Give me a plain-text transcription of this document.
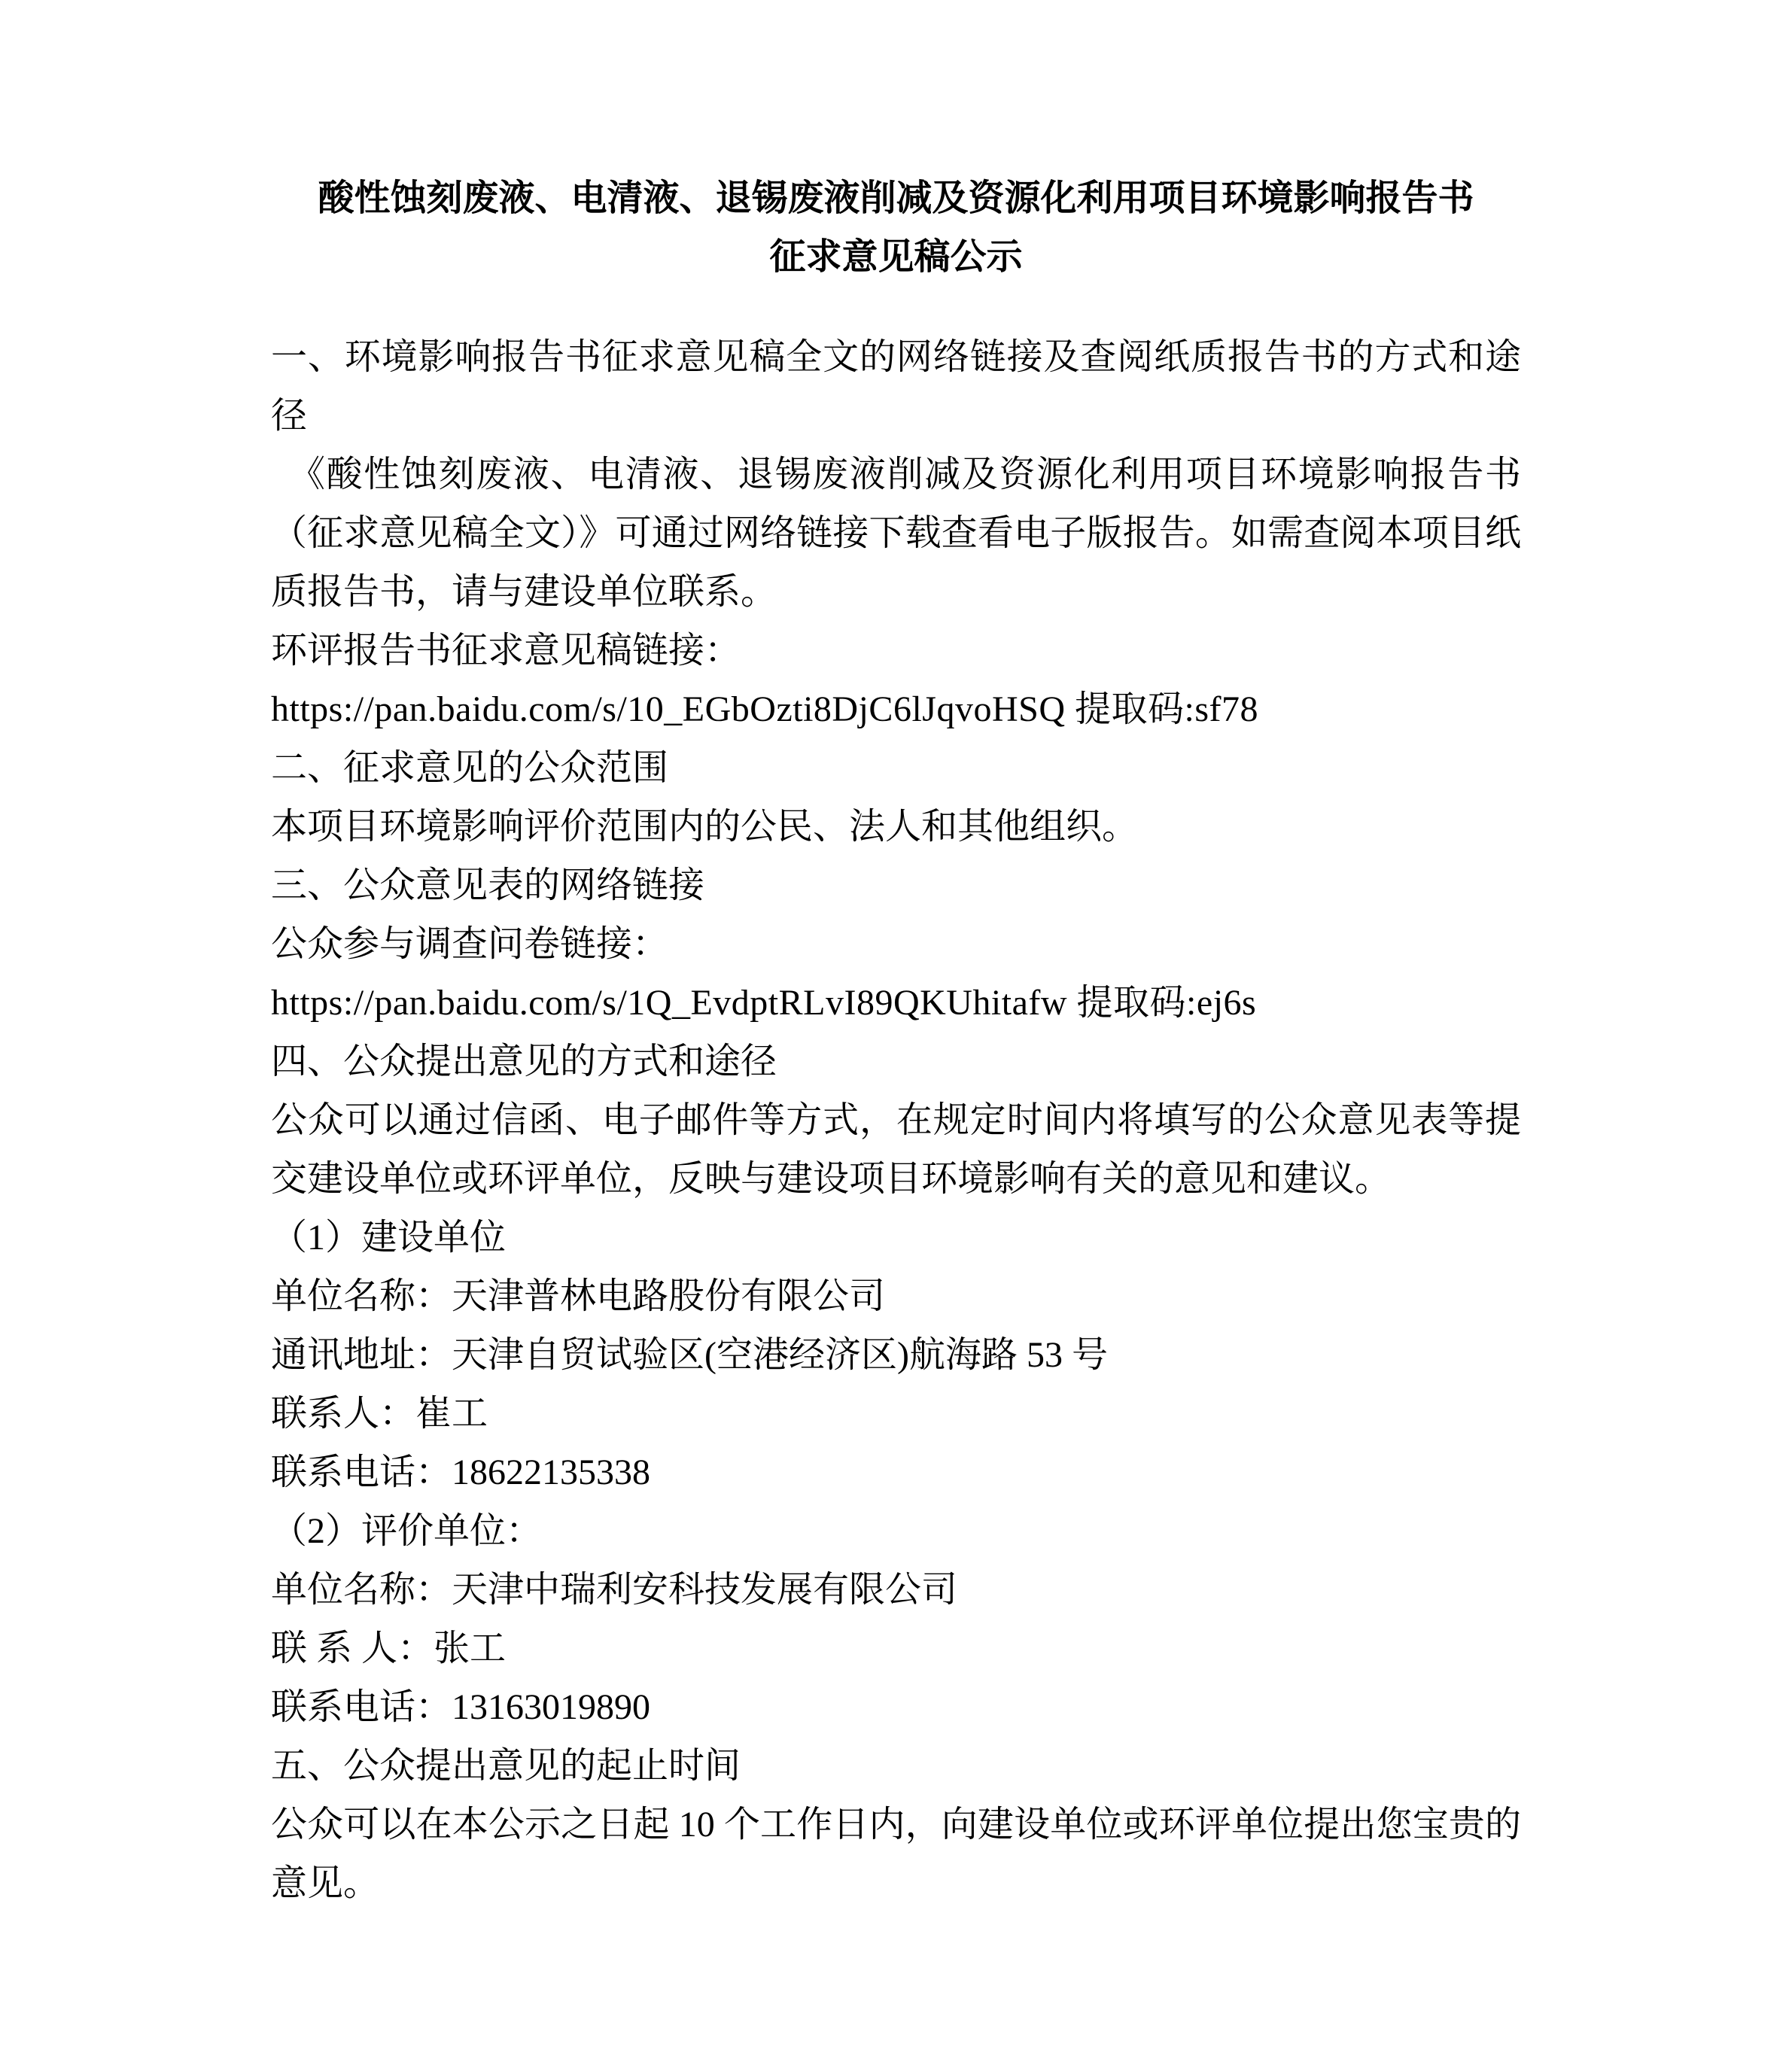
酸性蚀刻废液、电清液、退锡废液削减及资源化利用项目环境影响报告书
征求意见稿公示

一、环境影响报告书征求意见稿全文的网络链接及查阅纸质报告书的方式和途径

《酸性蚀刻废液、电清液、退锡废液削减及资源化利用项目环境影响报告书（征求意见稿全文）》可通过网络链接下载查看电子版报告。如需查阅本项目纸质报告书，请与建设单位联系。

环评报告书征求意见稿链接：

https://pan.baidu.com/s/10_EGbOzti8DjC6lJqvoHSQ 提取码:sf78

二、征求意见的公众范围

本项目环境影响评价范围内的公民、法人和其他组织。

三、公众意见表的网络链接

公众参与调查问卷链接：

https://pan.baidu.com/s/1Q_EvdptRLvI89QKUhitafw 提取码:ej6s

四、公众提出意见的方式和途径

公众可以通过信函、电子邮件等方式，在规定时间内将填写的公众意见表等提交建设单位或环评单位，反映与建设项目环境影响有关的意见和建议。

（1）建设单位

单位名称：天津普林电路股份有限公司

通讯地址：天津自贸试验区(空港经济区)航海路 53 号

联系人：崔工

联系电话：18622135338

（2）评价单位：

单位名称：天津中瑞利安科技发展有限公司

联 系 人：张工

联系电话：13163019890

五、公众提出意见的起止时间

公众可以在本公示之日起 10 个工作日内，向建设单位或环评单位提出您宝贵的意见。
